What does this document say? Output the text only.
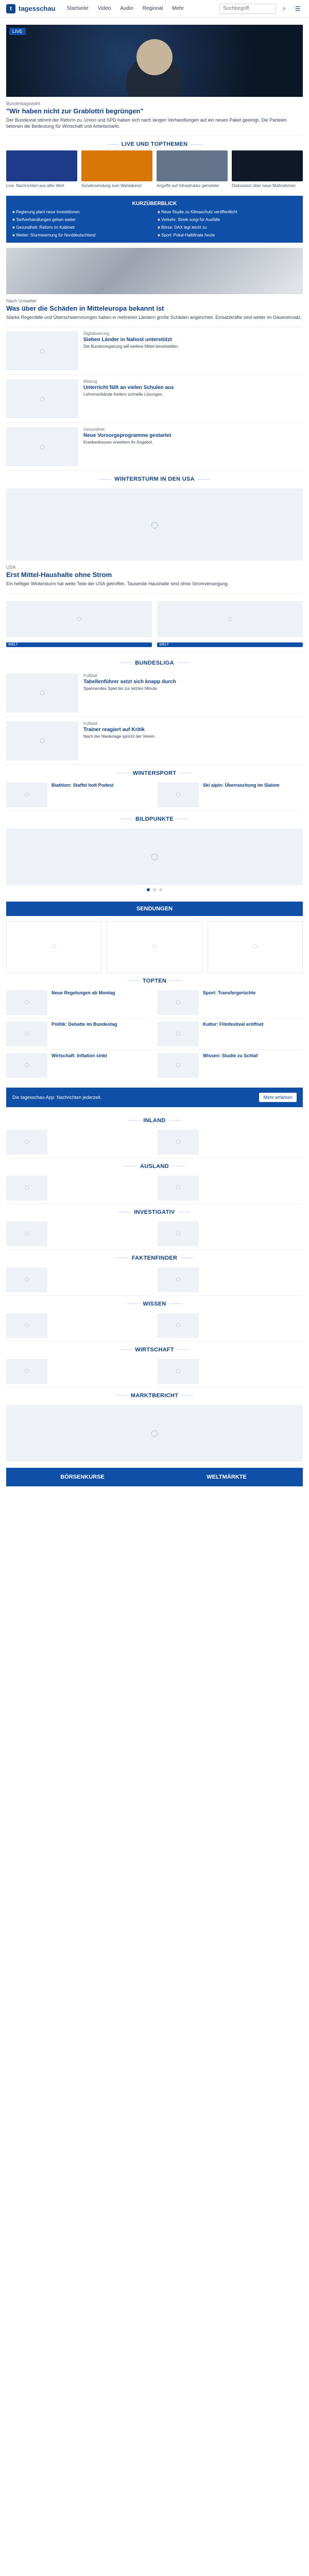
t	tagesschau	Startseite	Video	Audio	Regional	Mehr
Suchbegriff	⌕	☰
LIVE
Bundestagswahl
"Wir haben nicht zur Grablottri begrüngen"
Der Bundesrat stimmt der Reform zu. Union und SPD haben sich nach langen Verhandlungen auf ein neues Paket geeinigt. Die Parteien betonen die Bedeutung für Wirtschaft und Arbeitsmarkt.
LIVE UND TOPTHEMEN
Live: Nachrichten aus aller Welt	Sondersendung zum Wahlabend	Angriffe auf Infrastruktur gemeldet	Diskussion über neue Maßnahmen
KURZÜBERBLICK
■ Regierung plant neue Investitionen	■ Neue Studie zu Klimaschutz veröffentlicht
■ Tarifverhandlungen gehen weiter	■ Verkehr: Streik sorgt für Ausfälle
■ Gesundheit: Reform im Kabinett	■ Börse: DAX legt leicht zu
■ Wetter: Sturmwarnung für Norddeutschland	■ Sport: Pokal-Halbfinale heute
Nach Unwetter
Was über die Schäden in Mitteleuropa bekannt ist
Starke Regenfälle und Überschwemmungen haben in mehreren Ländern große Schäden angerichtet. Einsatzkräfte sind weiter im Dauereinsatz.
◌
Digitalisierung
Sieben Länder in Nahost unterstützt
Die Bundesregierung will weitere Mittel bereitstellen.
◌
Bildung
Unterricht fällt an vielen Schulen aus
Lehrerverbände fordern schnelle Lösungen.
◌
Gesundheit
Neue Vorsorgeprogramme gestartet
Krankenkassen erweitern ihr Angebot.
WINTERSTURM IN DEN USA
◌
USA
Erst Mittel-Haushalte ohne Strom
Ein heftiger Wintersturm hat weite Teile der USA getroffen. Tausende Haushalte sind ohne Stromversorgung.
◌
WELT
◌
WELT
BUNDESLIGA
◌
Fußball
Tabellenführer setzt sich knapp durch
Spannendes Spiel bis zur letzten Minute.
◌
Fußball
Trainer reagiert auf Kritik
Nach der Niederlage spricht der Verein.
WINTERSPORT
◌
Biathlon: Staffel holt Podest
◌
Ski alpin: Überraschung im Slalom
BILDPUNKTE
◌
SENDUNGEN
◌	◌	◌
TOPTEN
◌
Neue Regelungen ab Montag
◌
Politik: Debatte im Bundestag
◌
Wirtschaft: Inflation sinkt
◌
Sport: Transfergerüchte
◌
Kultur: Filmfestival eröffnet
◌
Wissen: Studie zu Schlaf
Die tagesschau-App: Nachrichten jederzeit.	Mehr erfahren
INLAND
◌	◌
AUSLAND
◌	◌
INVESTIGATIV
◌	◌
FAKTENFINDER
◌	◌
WISSEN
◌	◌
WIRTSCHAFT
◌	◌
MARKTBERICHT
◌
BÖRSENKURSE	WELTMÄRKTE
